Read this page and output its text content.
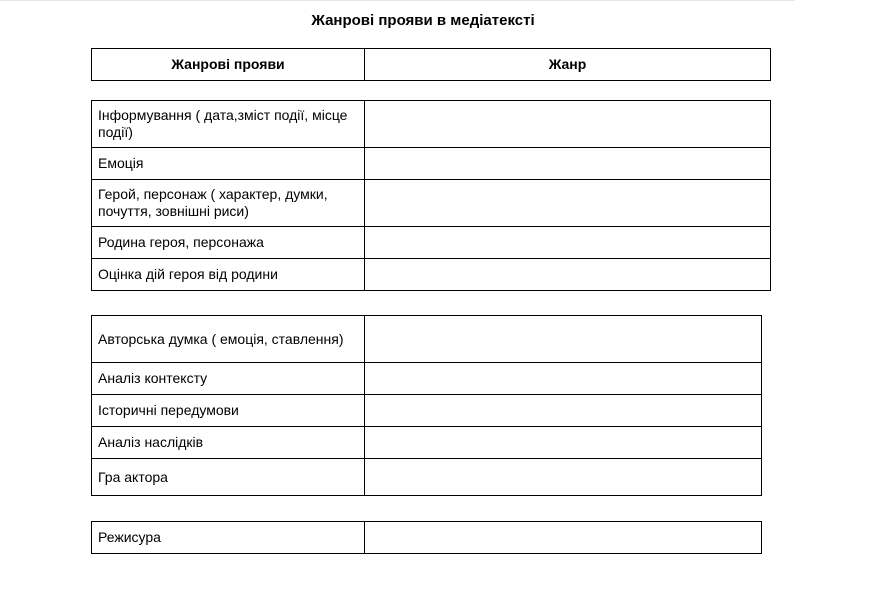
Жанрові прояви в медіатексті
Жанрові прояви	Жанр
Інформування ( дата,зміст події, місце події)	
Емоція	
Герой, персонаж ( характер, думки, почуття, зовнішні риси)	
Родина героя, персонажа	
Оцінка дій героя від родини	
Авторська думка ( емоція, ставлення)	
Аналіз контексту	
Історичні передумови	
Аналіз наслідків	
Гра актора	
Режисура	
